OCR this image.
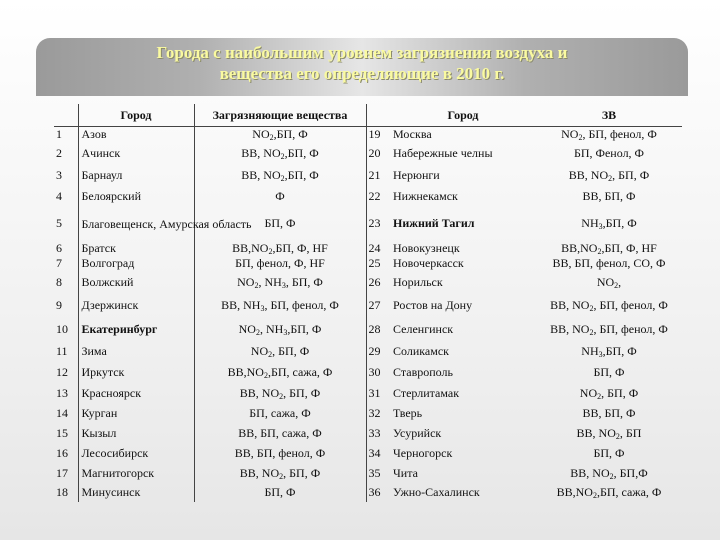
Города с наибольшим уровнем загрязнения воздуха и
вещества его определяющие в 2010 г.
	Город	Загрязняющие вещества		Город	ЗВ
1	Азов	$NO_2,БП$, Ф	19	Москва	$NO_2$, БП, фенол, Ф
2	Ачинск	ВВ, $NO_2,БП$, Ф	20	Набережные челны	БП, Фенол, Ф
3	Барнаул	ВВ, $NO_2,БП$, Ф	21	Нерюнги	ВВ, $NO_2$, БП, Ф
4	Белоярский	Ф	22	Нижнекамск	ВВ, БП, Ф
5	Благовещенск, Амурская область	БП, Ф	23	Нижний Тагил	$NH_3,БП$, Ф
6	Братск	$ВВ,NO_2,БП$, Ф, HF	24	Новокузнецк	$ВВ,NO_2,БП$, Ф, HF
7	Волгоград	БП, фенол, Ф, HF	25	Новочеркасск	ВВ, БП, фенол, CO, Ф
8	Волжский	$NO_2$, $NH_3$, БП, Ф	26	Норильск	$NO_2$,
9	Дзержинск	ВВ, $NH_3$, БП, фенол, Ф	27	Ростов на Дону	ВВ, $NO_2$, БП, фенол, Ф
10	Екатеринбург	$NO_2$, $NH_3,БП$, Ф	28	Селенгинск	ВВ, $NO_2$, БП, фенол, Ф
11	Зима	$NO_2$, БП, Ф	29	Соликамск	$NH_3,БП$, Ф
12	Иркутск	$ВВ,NO_2,БП$, сажа, Ф	30	Ставрополь	БП, Ф
13	Красноярск	ВВ, $NO_2$, БП, Ф	31	Стерлитамак	$NO_2$, БП, Ф
14	Курган	БП, сажа, Ф	32	Тверь	ВВ, БП, Ф
15	Кызыл	ВВ, БП, сажа, Ф	33	Усурийск	ВВ, $NO_2$, БП
16	Лесосибирск	ВВ, БП, фенол, Ф	34	Черногорск	БП, Ф
17	Магнитогорск	ВВ, $NO_2$, БП, Ф	35	Чита	ВВ, $NO_2$, БП,Ф
18	Минусинск	БП, Ф	36	Ужно-Сахалинск	$ВВ,NO_2,БП$, сажа, Ф
